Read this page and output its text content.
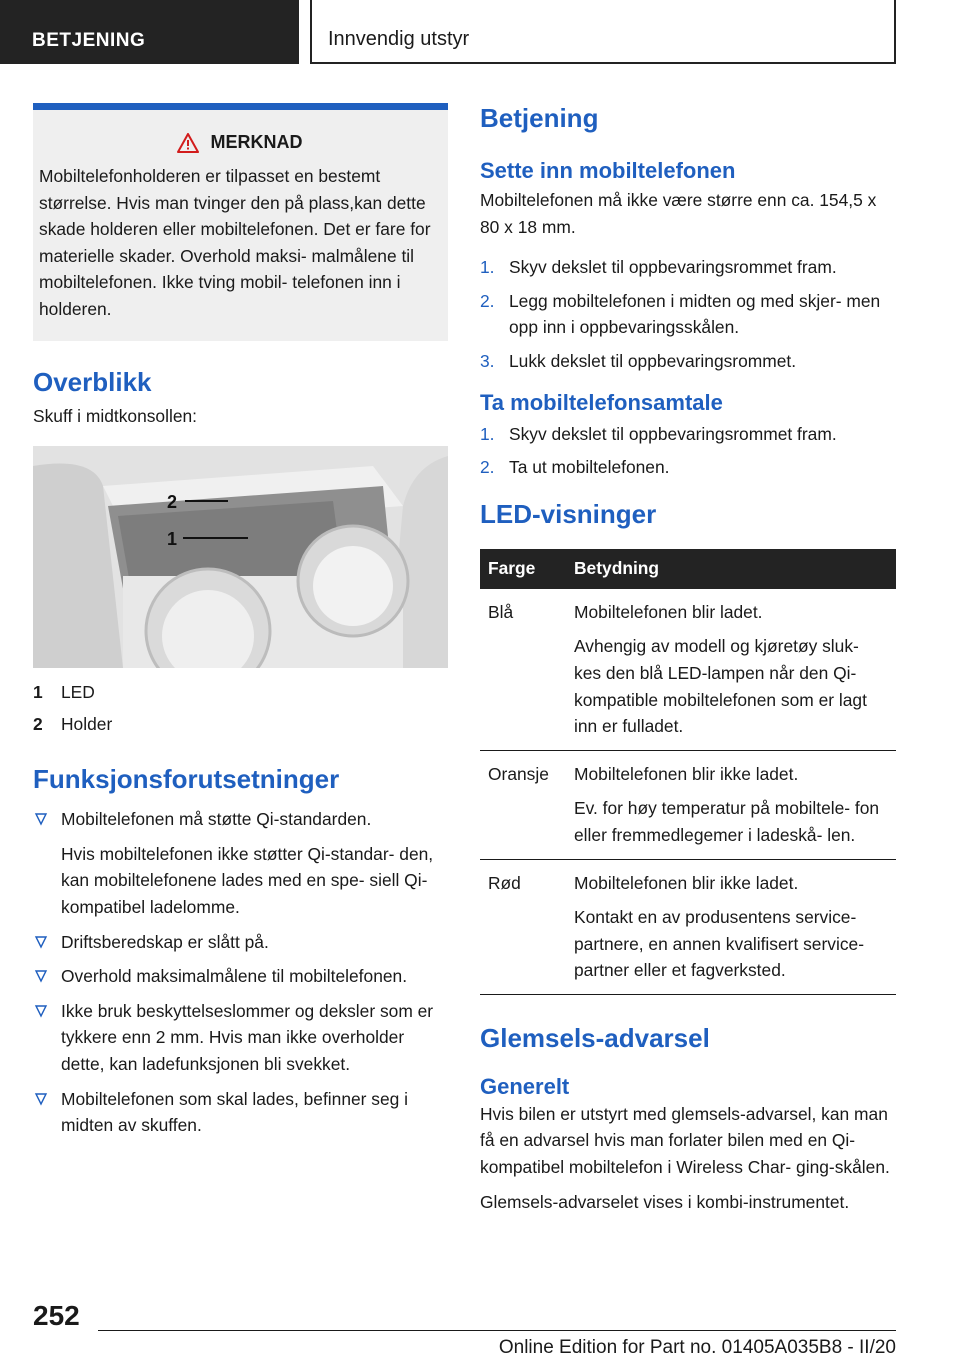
BETJENING	Innvendig utstyr
MERKNAD

Mobiltelefonholderen er tilpasset en bestemt størrelse. Hvis man tvinger den på plass,kan dette skade holderen eller mobiltelefonen. Det er fare for materielle skader. Overhold maksi- malmålene til mobiltelefonen. Ikke tving mobil- telefonen inn i holderen.

Overblikk

Skuff i midtkonsollen:

2
1
1	LED
2	Holder
Funksjonsforutsetninger
Mobiltelefonen må støtte Qi-standarden.

Hvis mobiltelefonen ikke støtter Qi-standar- den, kan mobiltelefonene lades med en spe- siell Qi-kompatibel ladelomme.

Driftsberedskap er slått på.
Overhold maksimalmålene til mobiltelefonen.
Ikke bruk beskyttelseslommer og deksler som er tykkere enn 2 mm. Hvis man ikke overholder dette, kan ladefunksjonen bli svekket.
Mobiltelefonen som skal lades, befinner seg i midten av skuffen.
Betjening
Sette inn mobiltelefonen

Mobiltelefonen må ikke være større enn ca. 154,5 x 80 x 18 mm.

1. Skyv dekslet til oppbevaringsrommet fram.
2. Legg mobiltelefonen i midten og med skjer- men opp inn i oppbevaringsskålen.
3. Lukk dekslet til oppbevaringsrommet.
Ta mobiltelefonsamtale
1. Skyv dekslet til oppbevaringsrommet fram.
2. Ta ut mobiltelefonen.
LED-visninger
Farge	Betydning
Blå	Mobiltelefonen blir ladet.

Avhengig av modell og kjøretøy sluk- kes den blå LED-lampen når den Qi- kompatible mobiltelefonen som er lagt inn er fulladet.

Oransje	Mobiltelefonen blir ikke ladet.

Ev. for høy temperatur på mobiltele- fon eller fremmedlegemer i ladeskå- len.

Rød	Mobiltelefonen blir ikke ladet.

Kontakt en av produsentens service- partnere, en annen kvalifisert service- partner eller et fagverksted.

Glemsels-advarsel
Generelt

Hvis bilen er utstyrt med glemsels-advarsel, kan man få en advarsel hvis man forlater bilen med en Qi-kompatibel mobiltelefon i Wireless Char- ging-skålen.

Glemsels-advarselet vises i kombi-instrumentet.

252
Online Edition for Part no. 01405A035B8 - II/20
